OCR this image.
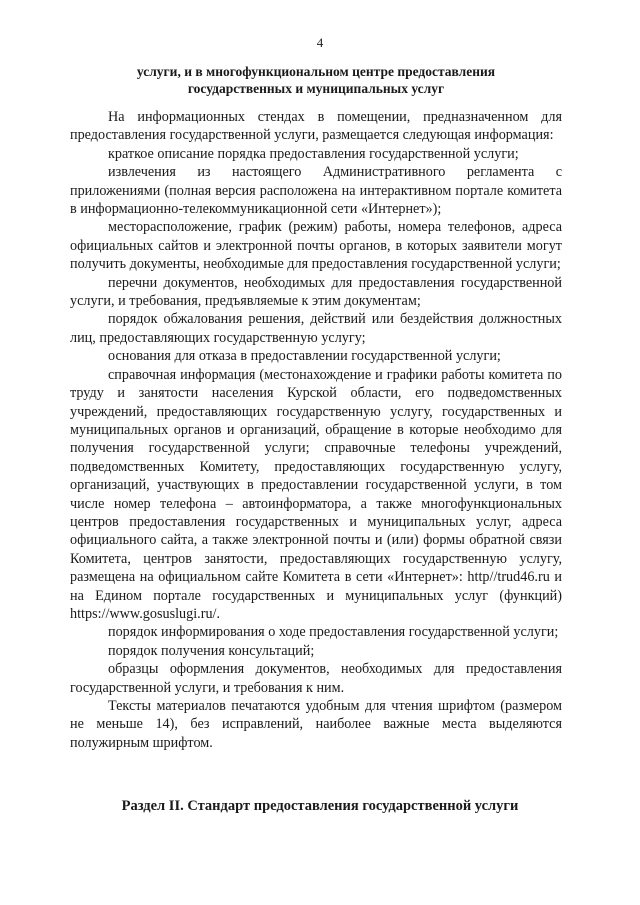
4
услуги, и в многофункциональном центре предоставления
государственных и муниципальных услуг

На информационных стендах в помещении, предназначенном для предоставления государственной услуги, размещается следующая информация:

краткое описание порядка предоставления государственной услуги;

извлечения из настоящего Административного регламента с приложениями (полная версия расположена на интерактивном портале комитета в информационно-телекоммуникационной сети «Интернет»);

месторасположение, график (режим) работы, номера телефонов, адреса официальных сайтов и электронной почты органов, в которых заявители могут получить документы, необходимые для предоставления государственной услуги;

перечни документов, необходимых для предоставления государственной услуги, и требования, предъявляемые к этим документам;

порядок обжалования решения, действий или бездействия должностных лиц, предоставляющих государственную услугу;

основания для отказа в предоставлении государственной услуги;

справочная информация (местонахождение и графики работы комитета по труду и занятости населения Курской области, его подведомственных учреждений, предоставляющих государственную услугу, государственных и муниципальных органов и организаций, обращение в которые необходимо для получения государственной услуги; справочные телефоны учреждений, подведомственных Комитету, предоставляющих государственную услугу, организаций, участвующих в предоставлении государственной услуги, в том числе номер телефона – автоинформатора, а также многофункциональных центров предоставления государственных и муниципальных услуг, адреса официального сайта, а также электронной почты и (или) формы обратной связи Комитета, центров занятости, предоставляющих государственную услугу, размещена на официальном сайте Комитета в сети «Интернет»: http//trud46.ru и на Едином портале государственных и муниципальных услуг (функций) https://www.gosuslugi.ru/.

порядок информирования о ходе предоставления государственной услуги;

порядок получения консультаций;

образцы оформления документов, необходимых для предоставления государственной услуги, и требования к ним.

Тексты материалов печатаются удобным для чтения шрифтом (размером не меньше 14), без исправлений, наиболее важные места выделяются полужирным шрифтом.

Раздел II. Стандарт предоставления государственной услуги
